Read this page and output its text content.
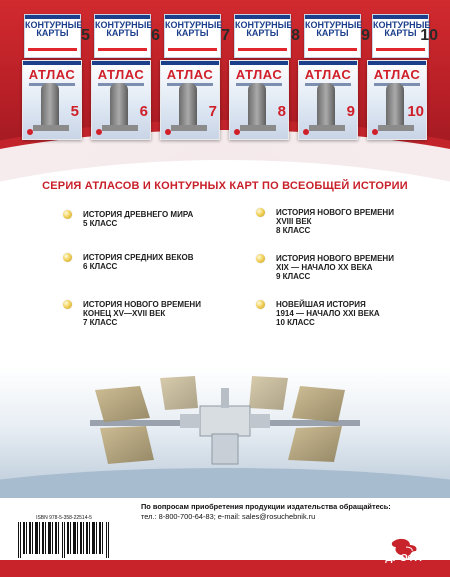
КОНТУРНЫЕ КАРТЫ 5
КОНТУРНЫЕ КАРТЫ 6
КОНТУРНЫЕ КАРТЫ 7
КОНТУРНЫЕ КАРТЫ 8
КОНТУРНЫЕ КАРТЫ 9
КОНТУРНЫЕ КАРТЫ 10
АТЛАС
5
АТЛАС
6
АТЛАС
7
АТЛАС
8
АТЛАС
9
АТЛАС
10
СЕРИЯ АТЛАСОВ И КОНТУРНЫХ КАРТ ПО ВСЕОБЩЕЙ ИСТОРИИ
ИСТОРИЯ ДРЕВНЕГО МИРА
5 КЛАСС
ИСТОРИЯ СРЕДНИХ ВЕКОВ
6 КЛАСС
ИСТОРИЯ НОВОГО ВРЕМЕНИ
КОНЕЦ XV—XVII ВЕК
7 КЛАСС
ИСТОРИЯ НОВОГО ВРЕМЕНИ
XVIII ВЕК
8 КЛАСС
ИСТОРИЯ НОВОГО ВРЕМЕНИ
XIX — НАЧАЛО XX ВЕКА
9 КЛАСС
НОВЕЙШАЯ ИСТОРИЯ
1914 — НАЧАЛО XXI ВЕКА
10 КЛАСС
По вопросам приобретения продукции издательства обращайтесь:
тел.: 8-800-700-64-83; e-mail: sales@rosuchebnik.ru
ISBN 978-5-358-22514-5
ДРОФА
